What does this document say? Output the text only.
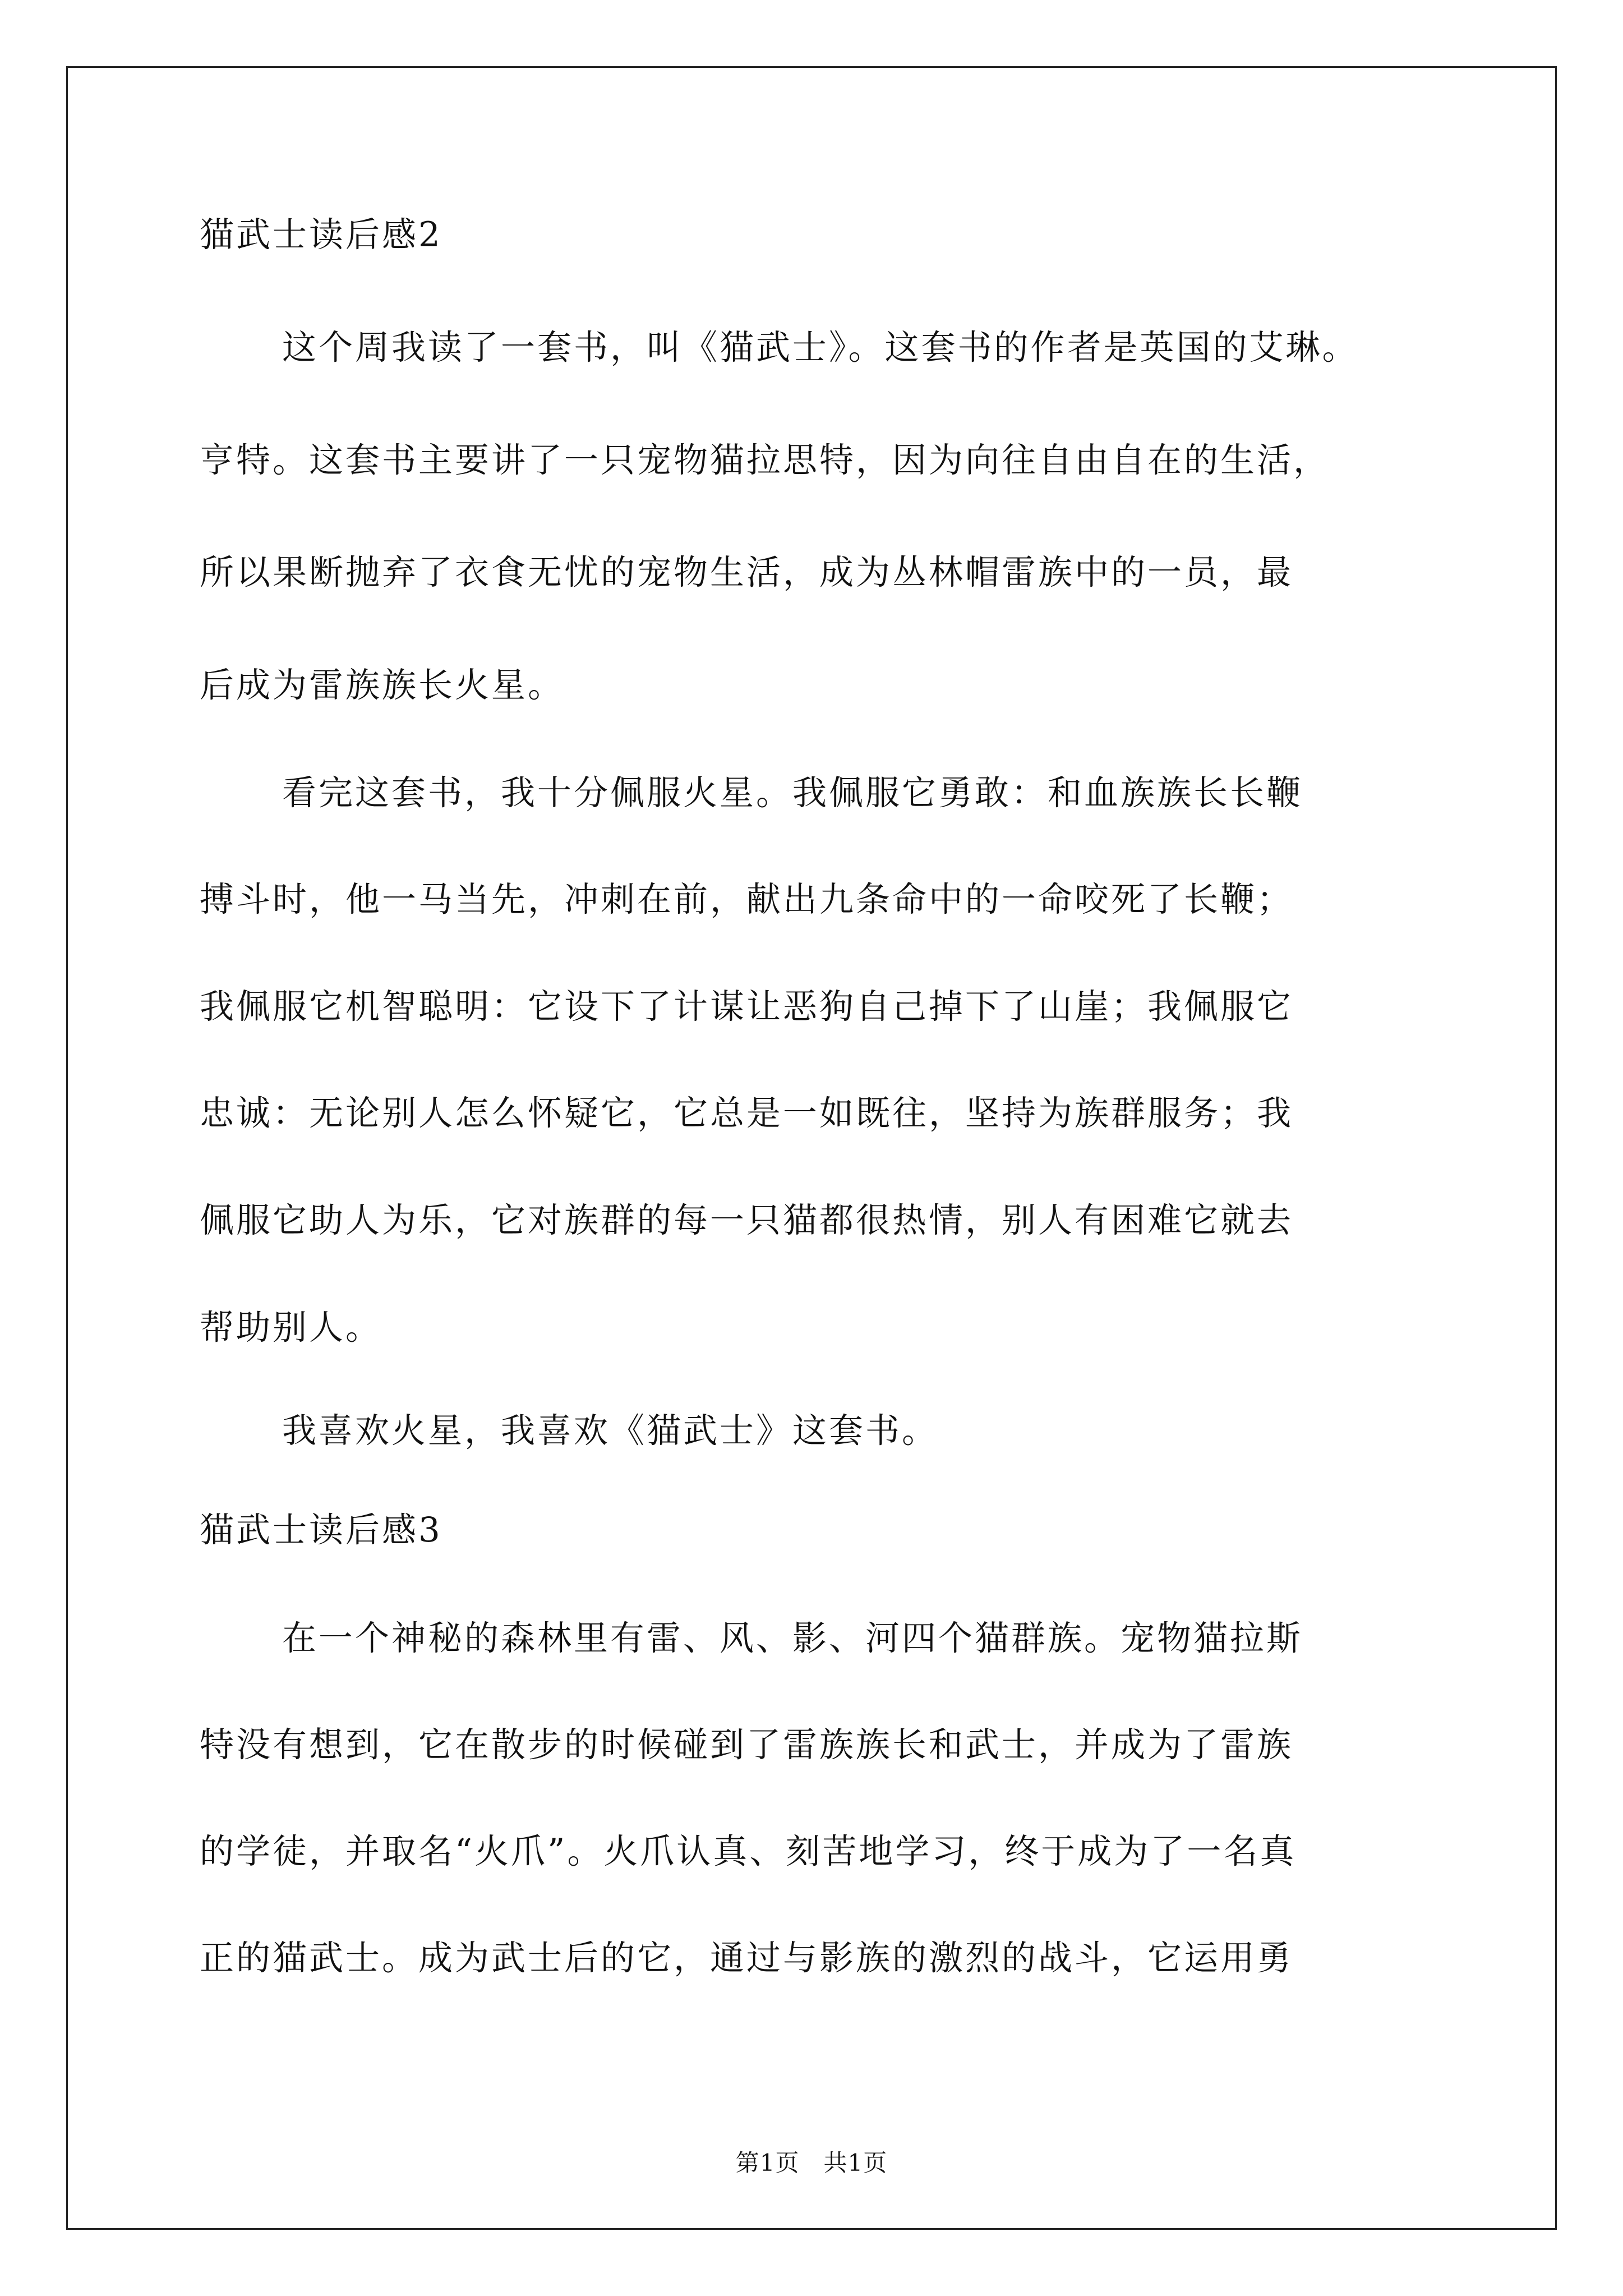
猫武士读后感2
这个周我读了一套书，叫《猫武士》。这套书的作者是英国的艾琳。
亨特。这套书主要讲了一只宠物猫拉思特，因为向往自由自在的生活，
所以果断抛弃了衣食无忧的宠物生活，成为丛林帽雷族中的一员，最
后成为雷族族长火星。
看完这套书，我十分佩服火星。我佩服它勇敢：和血族族长长鞭
搏斗时，他一马当先，冲刺在前，献出九条命中的一命咬死了长鞭；
我佩服它机智聪明：它设下了计谋让恶狗自己掉下了山崖；我佩服它
忠诚：无论别人怎么怀疑它，它总是一如既往，坚持为族群服务；我
佩服它助人为乐，它对族群的每一只猫都很热情，别人有困难它就去
帮助别人。
我喜欢火星，我喜欢《猫武士》这套书。
猫武士读后感3
在一个神秘的森林里有雷、风、影、河四个猫群族。宠物猫拉斯
特没有想到，它在散步的时候碰到了雷族族长和武士，并成为了雷族
的学徒，并取名“火爪”。火爪认真、刻苦地学习，终于成为了一名真
正的猫武士。成为武士后的它，通过与影族的激烈的战斗，它运用勇
第1页   共1页
